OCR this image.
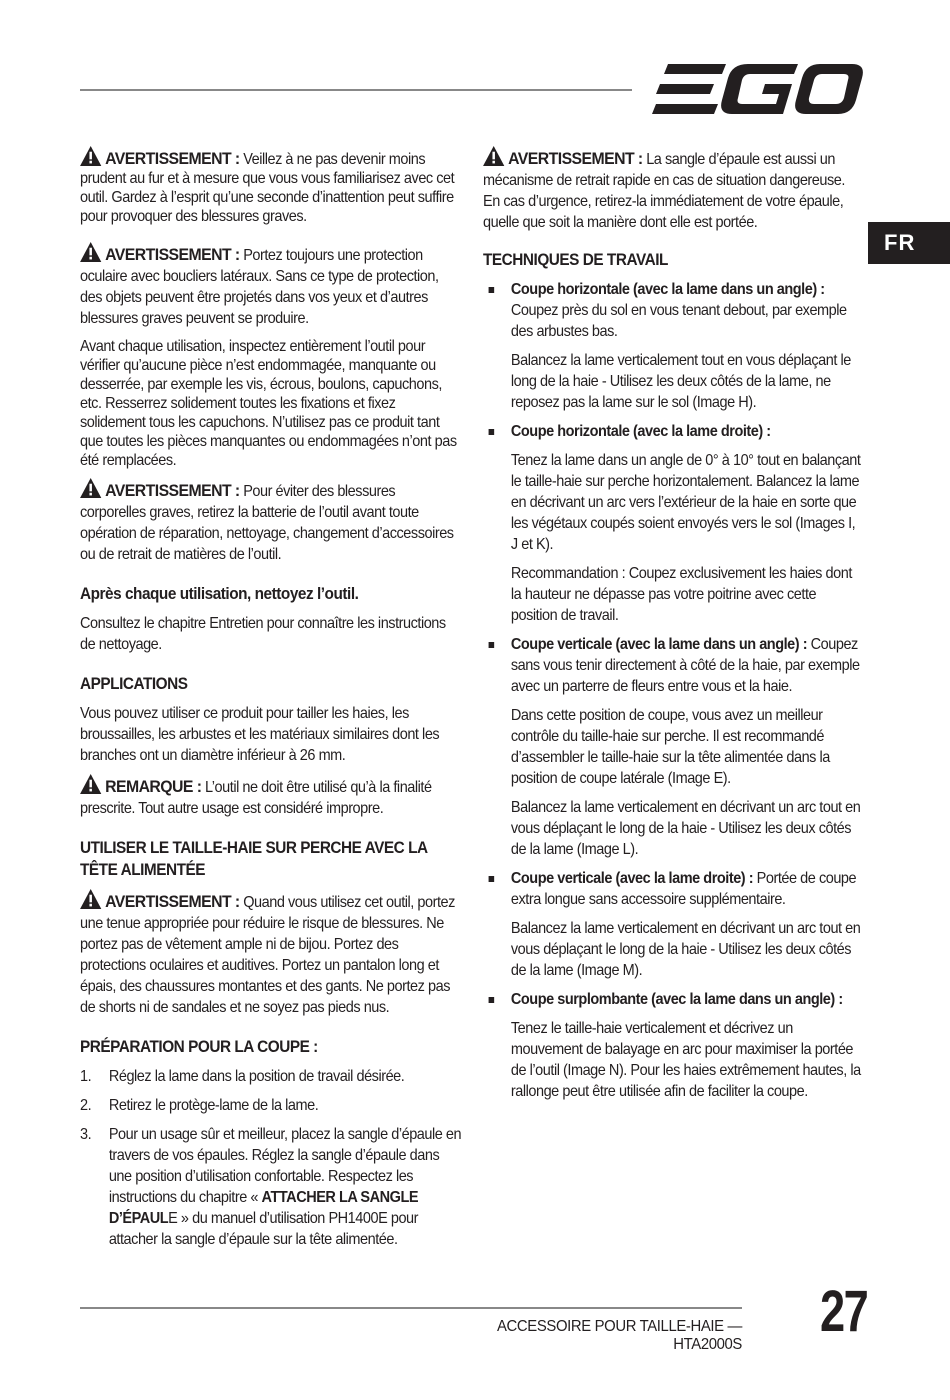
FR

AVERTISSEMENT : Veillez à ne pas devenir moins prudent au fur et à mesure que vous vous familiarisez avec cet outil. Gardez à l’esprit qu’une seconde d’inattention peut suffire pour provoquer des blessures graves.

AVERTISSEMENT : Portez toujours une protection oculaire avec boucliers latéraux. Sans ce type de protection, des objets peuvent être projetés dans vos yeux et d’autres blessures graves peuvent se produire.

Avant chaque utilisation, inspectez entièrement l’outil pour vérifier qu’aucune pièce n’est endommagée, manquante ou desserrée, par exemple les vis, écrous, boulons, capuchons, etc. Resserrez solidement toutes les fixations et fixez solidement tous les capuchons. N’utilisez pas ce produit tant que toutes les pièces manquantes ou endommagées n’ont pas été remplacées.

AVERTISSEMENT : Pour éviter des blessures corporelles graves, retirez la batterie de l’outil avant toute opération de réparation, nettoyage, changement d’accessoires ou de retrait de matières de l’outil.

Après chaque utilisation, nettoyez l’outil.

Consultez le chapitre Entretien pour connaître les instructions de nettoyage.

APPLICATIONS

Vous pouvez utiliser ce produit pour tailler les haies, les broussailles, les arbustes et les matériaux similaires dont les branches ont un diamètre inférieur à 26 mm.

REMARQUE : L’outil ne doit être utilisé qu’à la finalité prescrite. Tout autre usage est considéré impropre.

UTILISER LE TAILLE-HAIE SUR PERCHE AVEC LA TÊTE ALIMENTÉE

AVERTISSEMENT : Quand vous utilisez cet outil, portez une tenue appropriée pour réduire le risque de blessures. Ne portez pas de vêtement ample ni de bijou. Portez des protections oculaires et auditives. Portez un pantalon long et épais, des chaussures montantes et des gants. Ne portez pas de shorts ni de sandales et ne soyez pas pieds nus.

PRÉPARATION POUR LA COUPE :
1. Réglez la lame dans la position de travail désirée.
2. Retirez le protège-lame de la lame.
3. Pour un usage sûr et meilleur, placez la sangle d’épaule en travers de vos épaules. Réglez la sangle d’épaule dans une position d’utilisation confortable. Respectez les instructions du chapitre « ATTACHER LA SANGLE D’ÉPAULE » du manuel d’utilisation PH1400E pour attacher la sangle d’épaule sur la tête alimentée.

AVERTISSEMENT : La sangle d’épaule est aussi un mécanisme de retrait rapide en cas de situation dangereuse. En cas d’urgence, retirez-la immédiatement de votre épaule, quelle que soit la manière dont elle est portée.

TECHNIQUES DE TRAVAIL
Coupe horizontale (avec la lame dans un angle) : Coupez près du sol en vous tenant debout, par exemple des arbustes bas.
Balancez la lame verticalement tout en vous déplaçant le long de la haie - Utilisez les deux côtés de la lame, ne reposez pas la lame sur le sol (Image H).
Coupe horizontale (avec la lame droite) :
Tenez la lame dans un angle de 0° à 10° tout en balançant le taille-haie sur perche horizontalement. Balancez la lame en décrivant un arc vers l’extérieur de la haie en sorte que les végétaux coupés soient envoyés vers le sol (Images I, J et K).
Recommandation : Coupez exclusivement les haies dont la hauteur ne dépasse pas votre poitrine avec cette position de travail.
Coupe verticale (avec la lame dans un angle) : Coupez sans vous tenir directement à côté de la haie, par exemple avec un parterre de fleurs entre vous et la haie.
Dans cette position de coupe, vous avez un meilleur contrôle du taille-haie sur perche. Il est recommandé d’assembler le taille-haie sur la tête alimentée dans la position de coupe latérale (Image E).
Balancez la lame verticalement en décrivant un arc tout en vous déplaçant le long de la haie - Utilisez les deux côtés de la lame (Image L).
Coupe verticale (avec la lame droite) : Portée de coupe extra longue sans accessoire supplémentaire.
Balancez la lame verticalement en décrivant un arc tout en vous déplaçant le long de la haie - Utilisez les deux côtés de la lame (Image M).
Coupe surplombante (avec la lame dans un angle) :
Tenez le taille-haie verticalement et décrivez un mouvement de balayage en arc pour maximiser la portée de l’outil (Image N). Pour les haies extrêmement hautes, la rallonge peut être utilisée afin de faciliter la coupe.
ACCESSOIRE POUR TAILLE-HAIE — HTA2000S
27
